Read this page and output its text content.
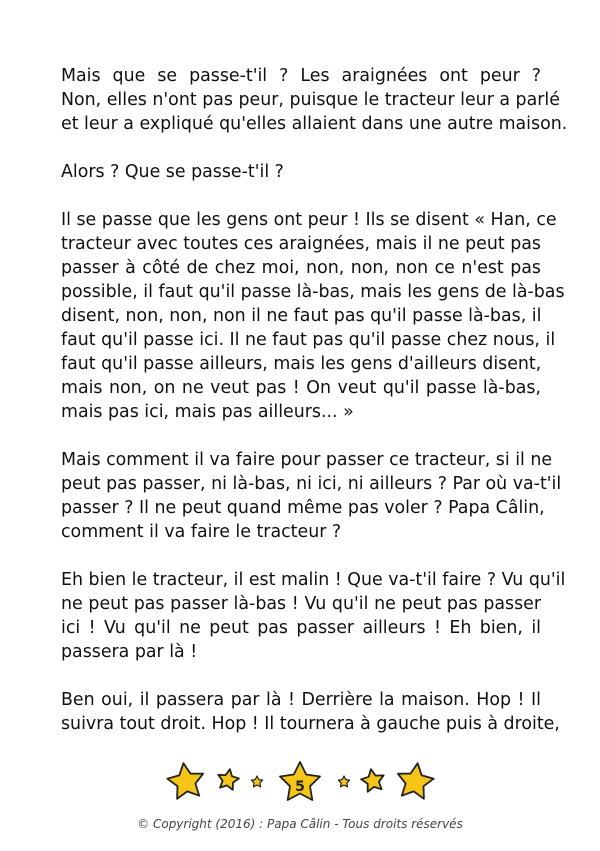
Mais que se passe-t'il ? Les araignées ont peur ?
Non, elles n'ont pas peur, puisque le tracteur leur a parlé
et leur a expliqué qu'elles allaient dans une autre maison.

Alors ? Que se passe-t'il ?

Il se passe que les gens ont peur ! Ils se disent « Han, ce
tracteur avec toutes ces araignées, mais il ne peut pas
passer à côté de chez moi, non, non, non ce n'est pas
possible, il faut qu'il passe là-bas, mais les gens de là-bas
disent, non, non, non il ne faut pas qu'il passe là-bas, il
faut qu'il passe ici. Il ne faut pas qu'il passe chez nous, il
faut qu'il passe ailleurs, mais les gens d'ailleurs disent,
mais non, on ne veut pas ! On veut qu'il passe là-bas,
mais pas ici, mais pas ailleurs... »

Mais comment il va faire pour passer ce tracteur, si il ne
peut pas passer, ni là-bas, ni ici, ni ailleurs ? Par où va-t'il
passer ? Il ne peut quand même pas voler ? Papa Câlin,
comment il va faire le tracteur ?

Eh bien le tracteur, il est malin ! Que va-t'il faire ? Vu qu'il
ne peut pas passer là-bas ! Vu qu'il ne peut pas passer
ici ! Vu qu'il ne peut pas passer ailleurs ! Eh bien, il
passera par là !

Ben oui, il passera par là ! Derrière la maison. Hop ! Il
suivra tout droit. Hop ! Il tournera à gauche puis à droite,

5
© Copyright (2016) : Papa Câlin - Tous droits réservés
